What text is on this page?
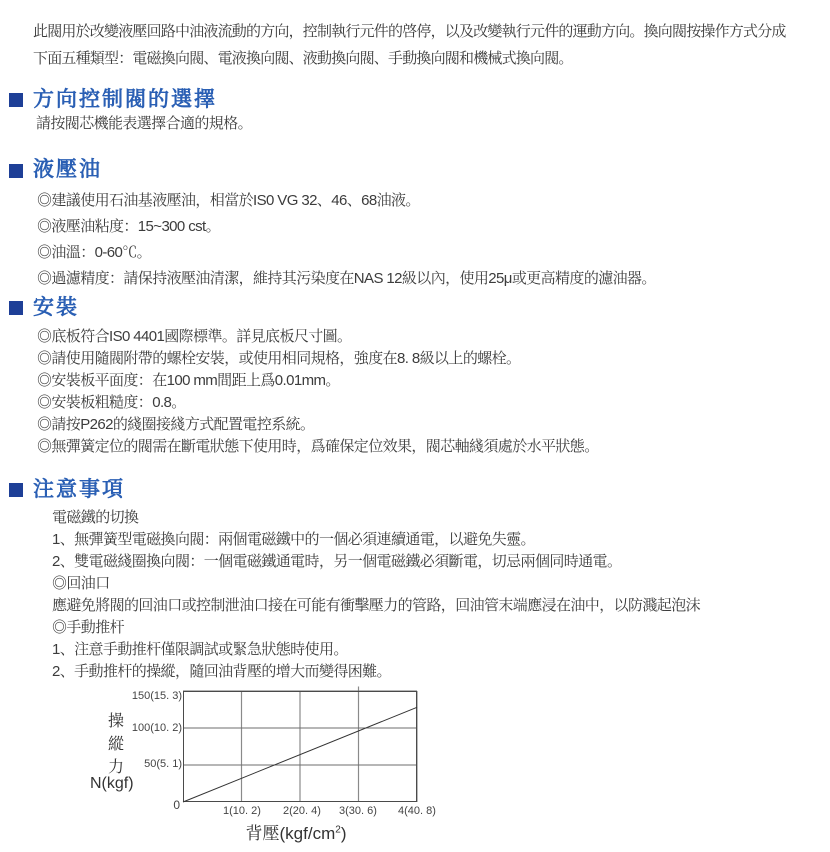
此閥用於改變液壓回路中油液流動的方向，控制執行元件的啓停，以及改變執行元件的運動方向。換向閥按操作方式分成
下面五種類型：電磁換向閥、電液換向閥、液動換向閥、手動換向閥和機械式換向閥。
方向控制閥的選擇
請按閥芯機能表選擇合適的規格。
液壓油
◎建議使用石油基液壓油，相當於IS0 VG 32、46、68油液。
◎液壓油粘度：15~300 cst。
◎油溫：0-60℃。
◎過濾精度：請保持液壓油清潔，維持其污染度在NAS 12級以內，使用25μ或更高精度的濾油器。
安裝
◎底板符合IS0 4401國際標準。詳見底板尺寸圖。
◎請使用隨閥附帶的螺栓安裝，或使用相同規格，強度在8. 8級以上的螺栓。
◎安裝板平面度：在100 mm間距上爲0.01mm。
◎安裝板粗糙度：0.8。
◎請按P262的綫圈接綫方式配置電控系統。
◎無彈簧定位的閥需在斷電狀態下使用時，爲確保定位效果，閥芯軸綫須處於水平狀態。
注意事項
電磁鐵的切換
1、無彈簧型電磁換向閥：兩個電磁鐵中的一個必須連續通電，以避免失靈。
2、雙電磁綫圈換向閥：一個電磁鐵通電時，另一個電磁鐵必須斷電，切忌兩個同時通電。
◎回油口
應避免將閥的回油口或控制泄油口接在可能有衝擊壓力的管路，回油管末端應浸在油中，以防濺起泡沫
◎手動推杆
1、注意手動推杆僅限調試或緊急狀態時使用。
2、手動推杆的操縱，隨回油背壓的增大而變得困難。
操
縱
力
N(kgf)
150(15. 3)
100(10. 2)
50(5. 1)
0	1(10. 2)	2(20. 4)	3(30. 6)	4(40. 8)
背壓$(kgf/cm^2)$
